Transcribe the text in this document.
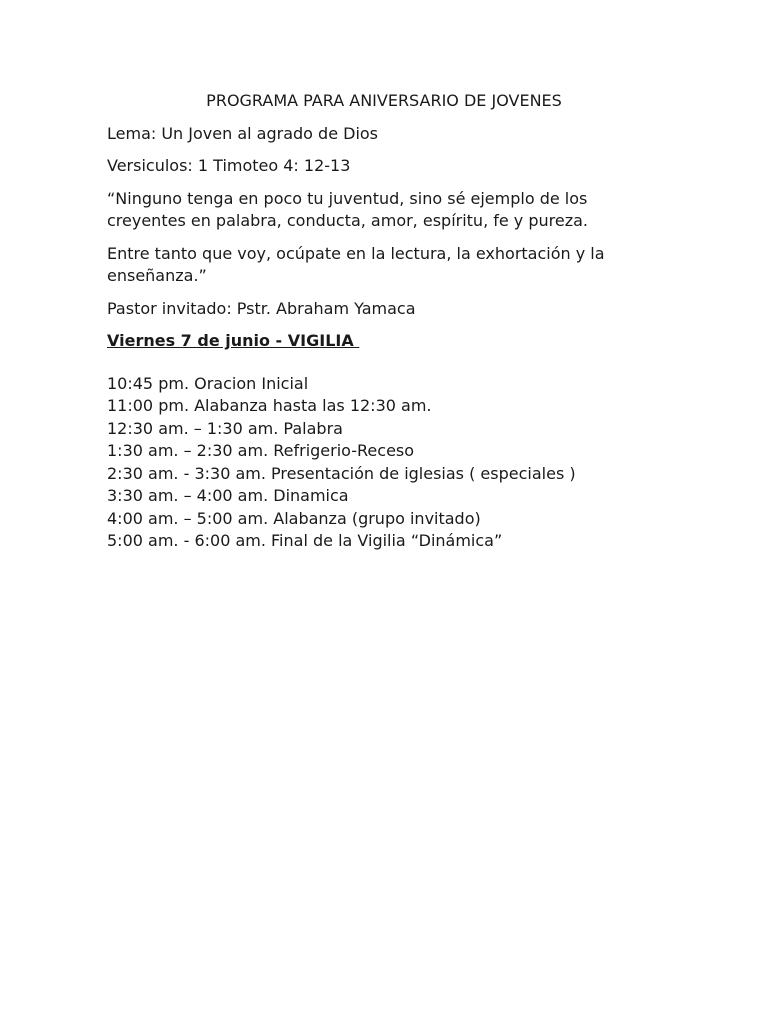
PROGRAMA PARA ANIVERSARIO DE JOVENES

Lema: Un Joven al agrado de Dios

Versiculos: 1 Timoteo 4: 12-13

“Ninguno tenga en poco tu juventud, sino sé ejemplo de los creyentes en palabra, conducta, amor, espíritu, fe y pureza.

Entre tanto que voy, ocúpate en la lectura, la exhortación y la enseñanza.”

Pastor invitado: Pstr. Abraham Yamaca

Viernes 7 de junio - VIGILIA

10:45 pm. Oracion Inicial
11:00 pm. Alabanza hasta las 12:30 am.
12:30 am. – 1:30 am. Palabra
1:30 am. – 2:30 am. Refrigerio-Receso
2:30 am. - 3:30 am. Presentación de iglesias ( especiales )
3:30 am. – 4:00 am. Dinamica
4:00 am. – 5:00 am. Alabanza (grupo invitado)
5:00 am. - 6:00 am. Final de la Vigilia “Dinámica”
